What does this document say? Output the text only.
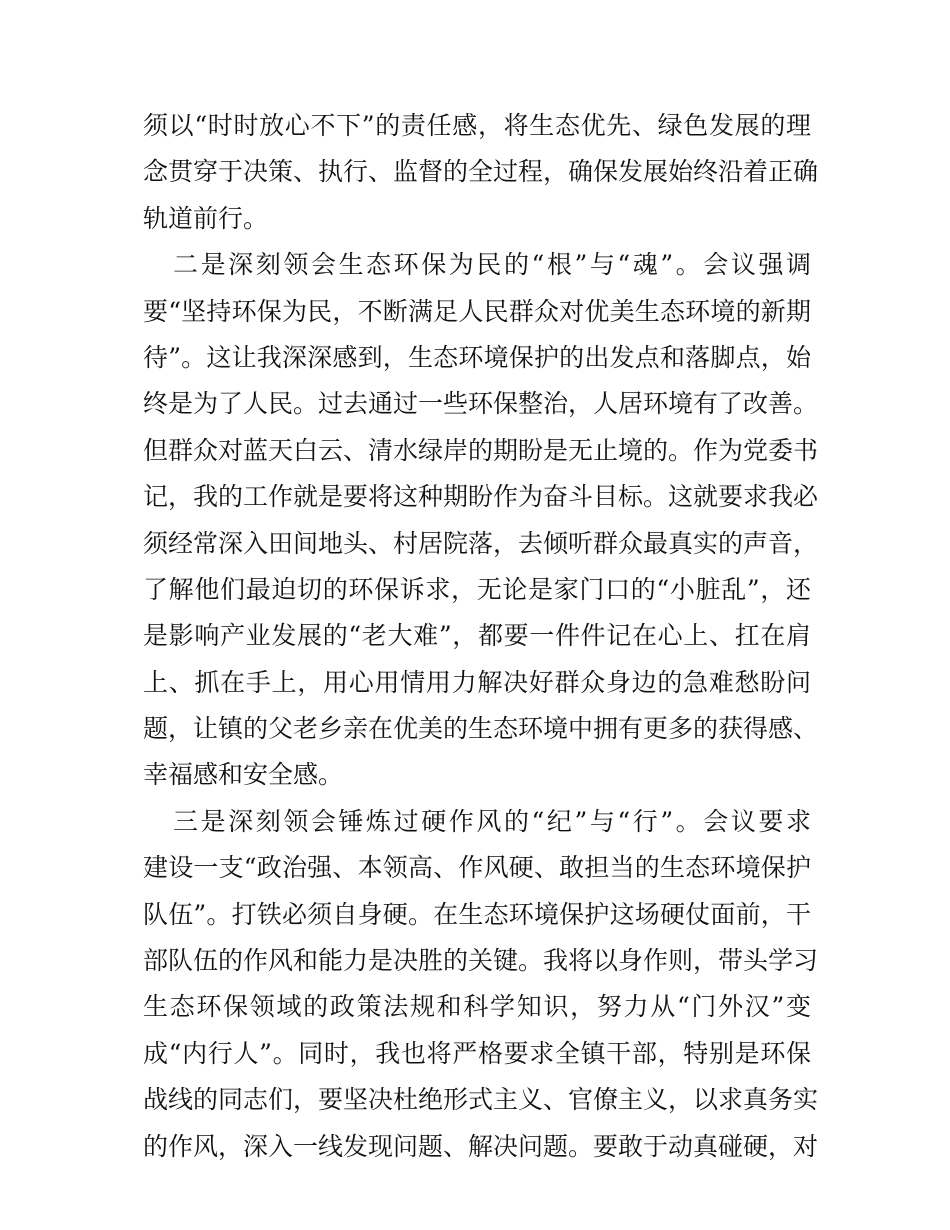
须以“时时放心不下”的责任感，将生态优先、绿色发展的理
念贯穿于决策、执行、监督的全过程，确保发展始终沿着正确
轨道前行。
二是深刻领会生态环保为民的“根”与“魂”。会议强调
要“坚持环保为民，不断满足人民群众对优美生态环境的新期
待”。这让我深深感到，生态环境保护的出发点和落脚点，始
终是为了人民。过去通过一些环保整治，人居环境有了改善。
但群众对蓝天白云、清水绿岸的期盼是无止境的。作为党委书
记，我的工作就是要将这种期盼作为奋斗目标。这就要求我必
须经常深入田间地头、村居院落，去倾听群众最真实的声音，
了解他们最迫切的环保诉求，无论是家门口的“小脏乱”，还
是影响产业发展的“老大难”，都要一件件记在心上、扛在肩
上、抓在手上，用心用情用力解决好群众身边的急难愁盼问
题，让镇的父老乡亲在优美的生态环境中拥有更多的获得感、
幸福感和安全感。
三是深刻领会锤炼过硬作风的“纪”与“行”。会议要求
建设一支“政治强、本领高、作风硬、敢担当的生态环境保护
队伍”。打铁必须自身硬。在生态环境保护这场硬仗面前，干
部队伍的作风和能力是决胜的关键。我将以身作则，带头学习
生态环保领域的政策法规和科学知识，努力从“门外汉”变
成“内行人”。同时，我也将严格要求全镇干部，特别是环保
战线的同志们，要坚决杜绝形式主义、官僚主义，以求真务实
的作风，深入一线发现问题、解决问题。要敢于动真碰硬，对
